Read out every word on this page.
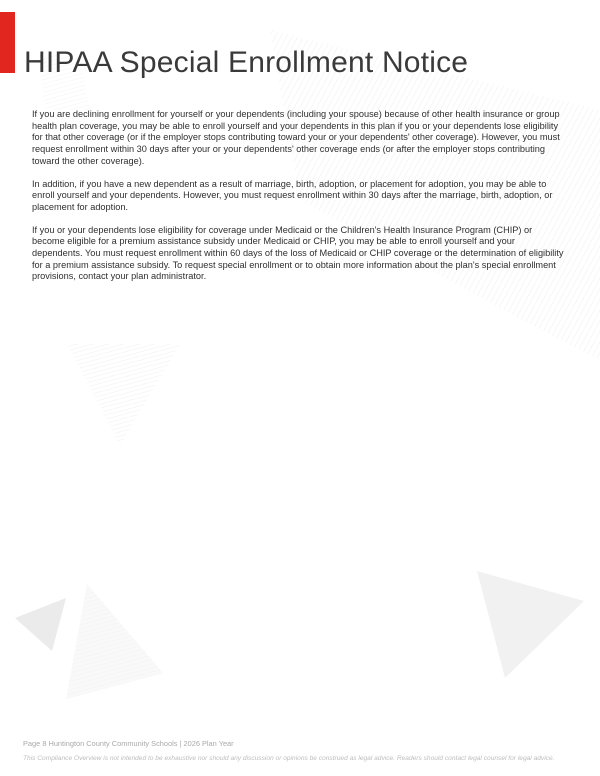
HIPAA Special Enrollment Notice

If you are declining enrollment for yourself or your dependents (including your spouse) because of other health insurance or group health plan coverage, you may be able to enroll yourself and your dependents in this plan if you or your dependents lose eligibility for that other coverage (or if the employer stops contributing toward your or your dependents' other coverage). However, you must request enrollment within 30 days after your or your dependents' other coverage ends (or after the employer stops contributing toward the other coverage).

In addition, if you have a new dependent as a result of marriage, birth, adoption, or placement for adoption, you may be able to enroll yourself and your dependents. However, you must request enrollment within 30 days after the marriage, birth, adoption, or placement for adoption.

If you or your dependents lose eligibility for coverage under Medicaid or the Children's Health Insurance Program (CHIP) or become eligible for a premium assistance subsidy under Medicaid or CHIP, you may be able to enroll yourself and your dependents. You must request enrollment within 60 days of the loss of Medicaid or CHIP coverage or the determination of eligibility for a premium assistance subsidy. To request special enrollment or to obtain more information about the plan's special enrollment provisions, contact your plan administrator.

Page 8 Huntington County Community Schools | 2026 Plan Year
This Compliance Overview is not intended to be exhaustive nor should any discussion or opinions be construed as legal advice. Readers should contact legal counsel for legal advice.
